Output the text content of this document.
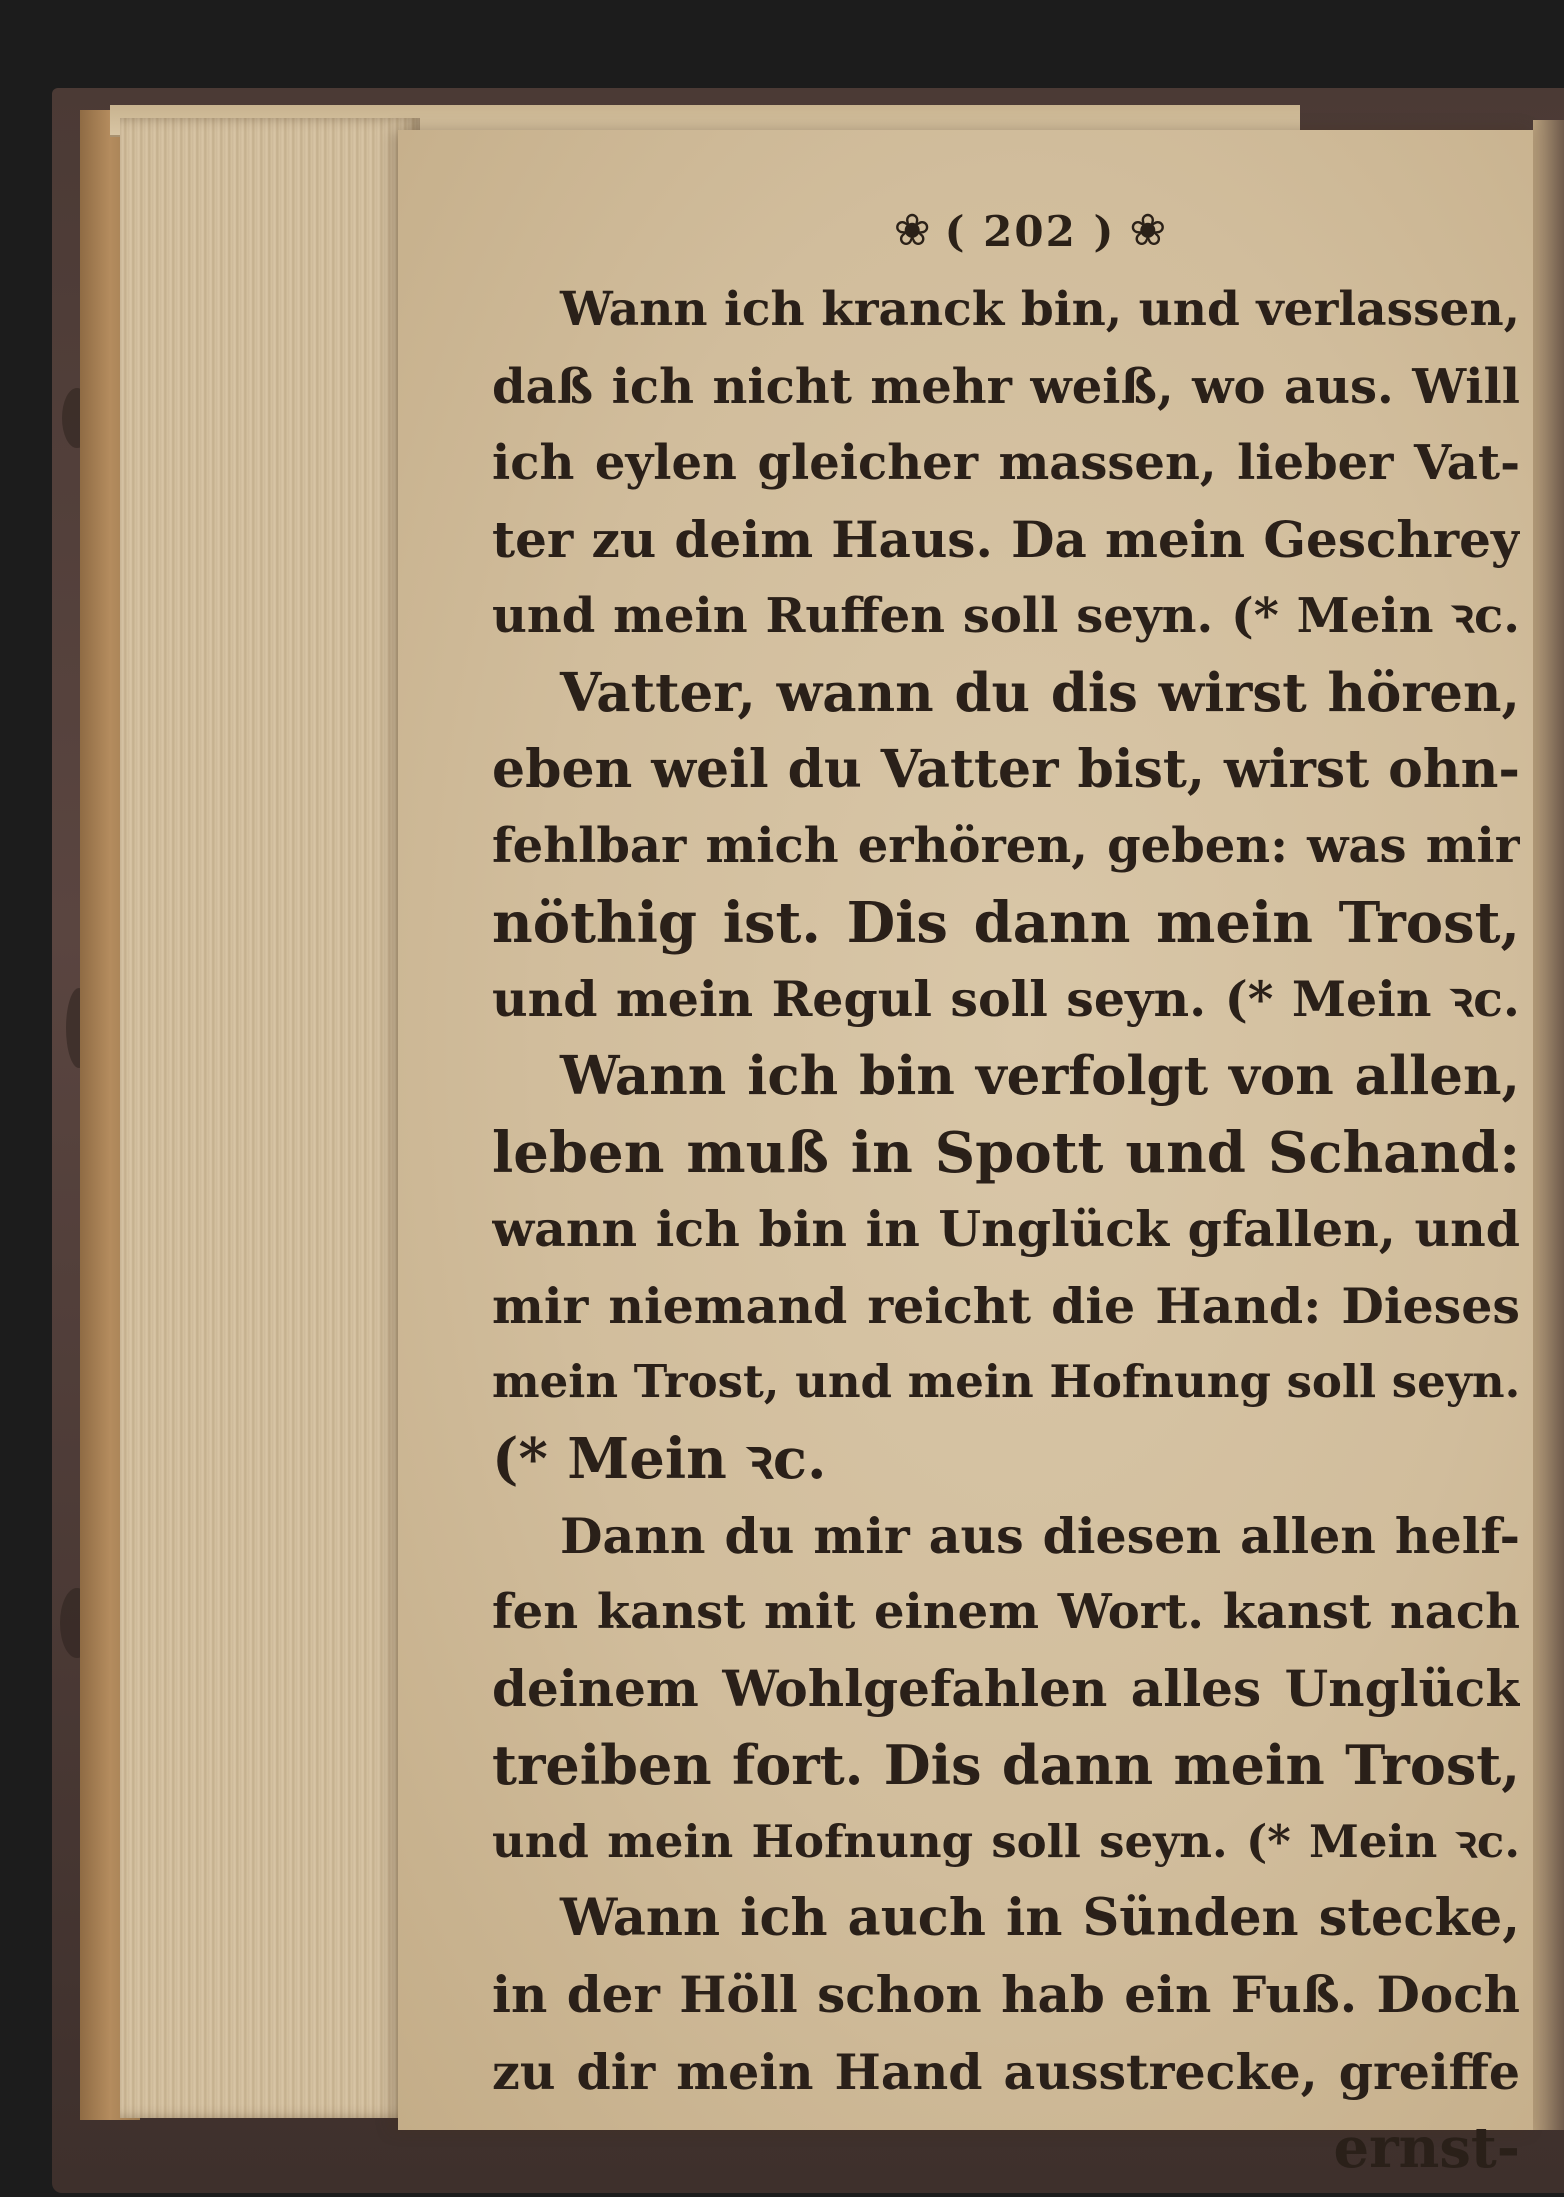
❀ ( 202 ) ❀
Wann ich kranck bin, und verlassen,
daß ich nicht mehr weiß, wo aus. Will
ich eylen gleicher massen, lieber Vat-
ter zu deim Haus. Da mein Geschrey
und mein Ruffen soll seyn. (* Mein ꝛc.
Vatter, wann du dis wirst hören,
eben weil du Vatter bist, wirst ohn-
fehlbar mich erhören, geben: was mir
nöthig ist. Dis dann mein Trost,
und mein Regul soll seyn. (* Mein ꝛc.
Wann ich bin verfolgt von allen,
leben muß in Spott und Schand:
wann ich bin in Unglück gfallen, und
mir niemand reicht die Hand: Dieses
mein Trost, und mein Hofnung soll seyn.
(* Mein ꝛc.
Dann du mir aus diesen allen helf-
fen kanst mit einem Wort. kanst nach
deinem Wohlgefahlen alles Unglück
treiben fort. Dis dann mein Trost,
und mein Hofnung soll seyn. (* Mein ꝛc.
Wann ich auch in Sünden stecke,
in der Höll schon hab ein Fuß. Doch
zu dir mein Hand ausstrecke, greiffe
ernst-
